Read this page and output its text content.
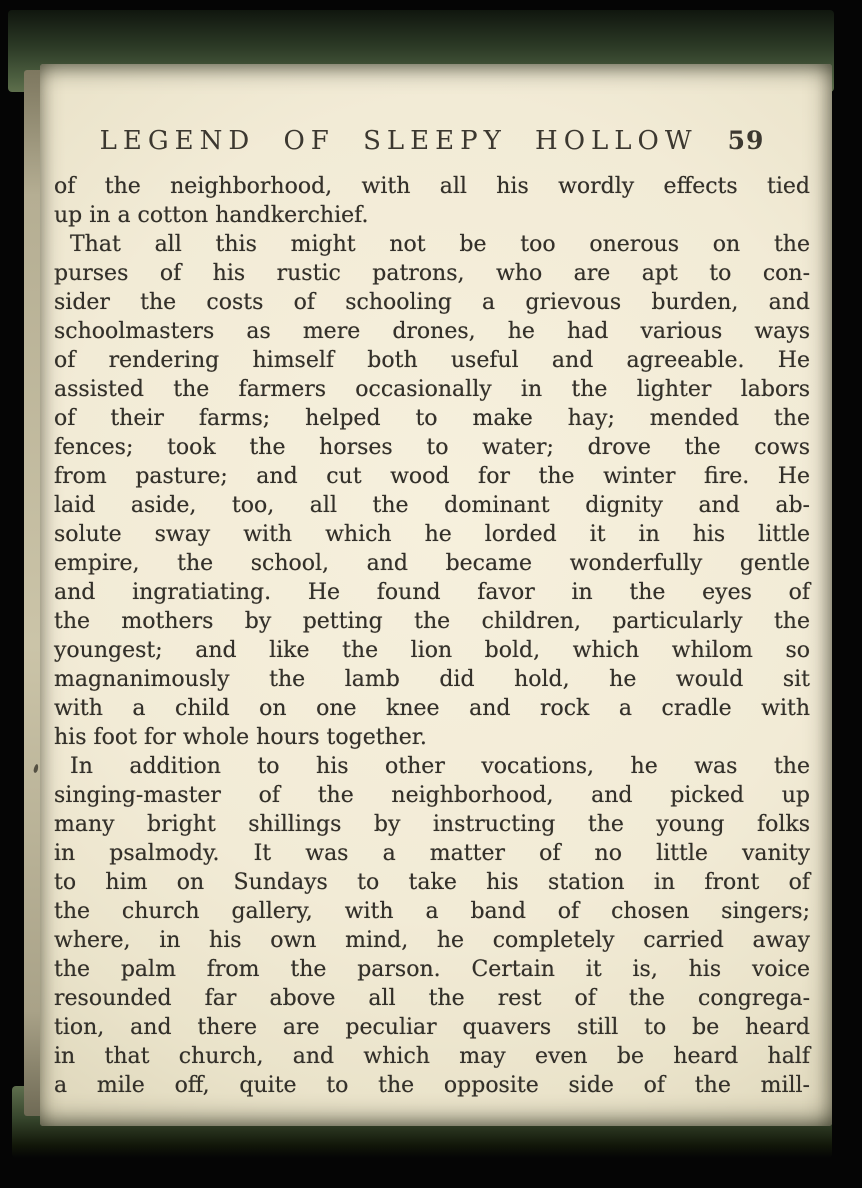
LEGEND OF SLEEPY HOLLOW 59
of the neighborhood, with all his wordly effects tied
up in a cotton handkerchief.
That all this might not be too onerous on the
purses of his rustic patrons, who are apt to con-
sider the costs of schooling a grievous burden, and
schoolmasters as mere drones, he had various ways
of rendering himself both useful and agreeable. He
assisted the farmers occasionally in the lighter labors
of their farms; helped to make hay; mended the
fences; took the horses to water; drove the cows
from pasture; and cut wood for the winter fire. He
laid aside, too, all the dominant dignity and ab-
solute sway with which he lorded it in his little
empire, the school, and became wonderfully gentle
and ingratiating. He found favor in the eyes of
the mothers by petting the children, particularly the
youngest; and like the lion bold, which whilom so
magnanimously the lamb did hold, he would sit
with a child on one knee and rock a cradle with
his foot for whole hours together.
In addition to his other vocations, he was the
singing-master of the neighborhood, and picked up
many bright shillings by instructing the young folks
in psalmody. It was a matter of no little vanity
to him on Sundays to take his station in front of
the church gallery, with a band of chosen singers;
where, in his own mind, he completely carried away
the palm from the parson. Certain it is, his voice
resounded far above all the rest of the congrega-
tion, and there are peculiar quavers still to be heard
in that church, and which may even be heard half
a mile off, quite to the opposite side of the mill-
